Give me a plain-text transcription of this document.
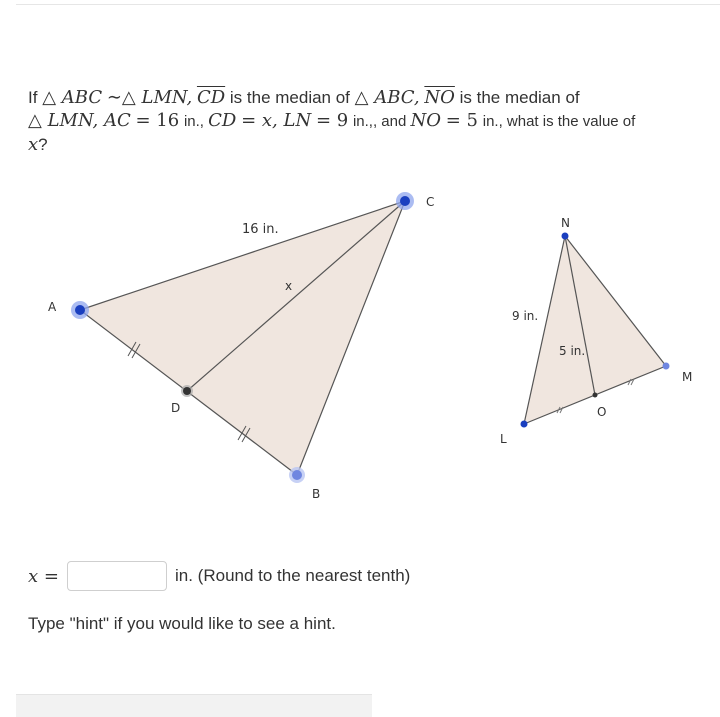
If △ ABC ∼△ LMN, $\overline{CD}$ is the median of △ ABC, $\overline{NO}$ is the median of
△ LMN, AC = 16 in., CD = x, LN = 9 in.,, and NO = 5 in., what is the value of
x?
A
C
B
D
16 in.
x
L
M
N
O
9 in.
5 in.
x =	in. (Round to the nearest tenth)
Type "hint" if you would like to see a hint.
